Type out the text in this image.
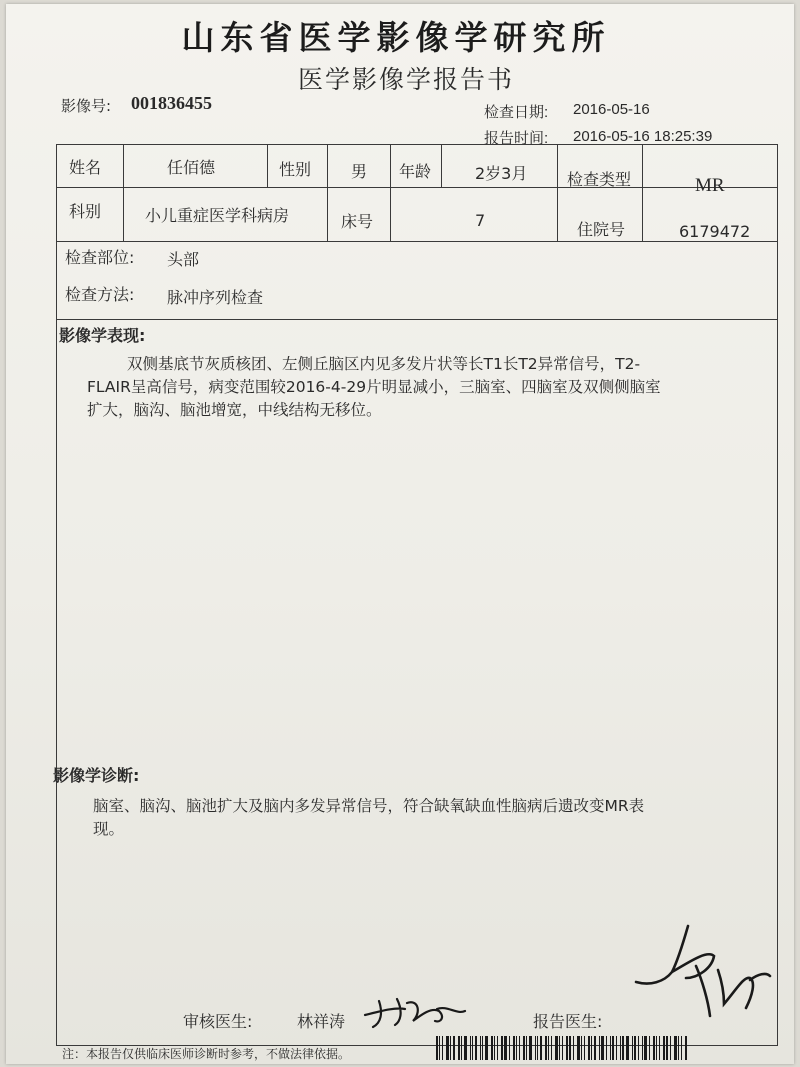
山东省医学影像学研究所
医学影像学报告书
影像号: 001836455	检查日期: 2016-05-16
报告时间: 2016-05-16 18:25:39
姓名	任佰德	性别 男 年龄	2岁3月 检查类型	MR
科别	小儿重症医学科病房	床号	7	住院号	6179472
检查部位: 头部
检查方法: 脉冲序列检查
影像学表现:
双侧基底节灰质核团、左侧丘脑区内见多发片状等长T1长T2异常信号，T2-
FLAIR呈高信号，病变范围较2016-4-29片明显减小，三脑室、四脑室及双侧侧脑室
扩大，脑沟、脑池增宽，中线结构无移位。
影像学诊断:
脑室、脑沟、脑池扩大及脑内多发异常信号，符合缺氧缺血性脑病后遗改变MR表
现。
审核医生:	林祥涛	报告医生:
注：本报告仅供临床医师诊断时参考，不做法律依据。
